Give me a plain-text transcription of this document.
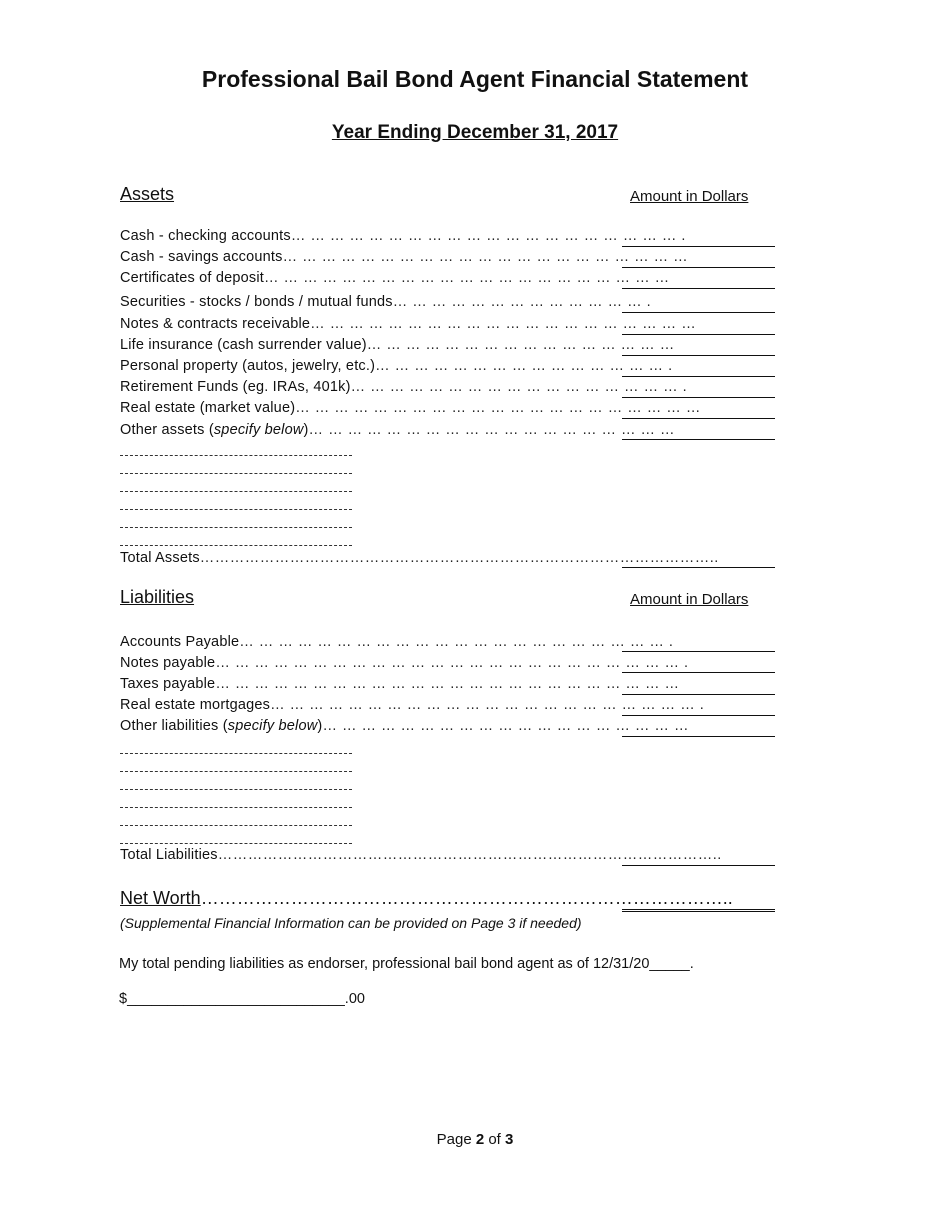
Professional Bail Bond Agent Financial Statement
Year Ending December 31, 2017
Assets	Amount in Dollars
Cash - checking accounts… … … … … … … … … … … … … … … … … … … … .
Cash - savings accounts… … … … … … … … … … … … … … … … … … … … …
Certificates of deposit… … … … … … … … … … … … … … … … … … … … …
Securities - stocks / bonds / mutual funds… … … … … … … … … … … … … .
Notes & contracts receivable… … … … … … … … … … … … … … … … … … … …
Life insurance (cash surrender value)… … … … … … … … … … … … … … … …
Personal property (autos, jewelry, etc.)… … … … … … … … … … … … … … … .
Retirement Funds (eg. IRAs, 401k)… … … … … … … … … … … … … … … … … .
Real estate (market value)… … … … … … … … … … … … … … … … … … … … …
Other assets (specify below)… … … … … … … … … … … … … … … … … … …
Total Assets…………………………………………………………………………………………..
Liabilities	Amount in Dollars
Accounts Payable… … … … … … … … … … … … … … … … … … … … … … .
Notes payable… … … … … … … … … … … … … … … … … … … … … … … … .
Taxes payable… … … … … … … … … … … … … … … … … … … … … … … …
Real estate mortgages… … … … … … … … … … … … … … … … … … … … … … .
Other liabilities (specify below)… … … … … … … … … … … … … … … … … … …
Total Liabilities………………………………………………………………………………………..
Net Worth……………………………………………………………………………..
(Supplemental Financial Information can be provided on Page 3 if needed)
My total pending liabilities as endorser, professional bail bond agent as of 12/31/20_____.
$___________________________.00
Page 2 of 3
